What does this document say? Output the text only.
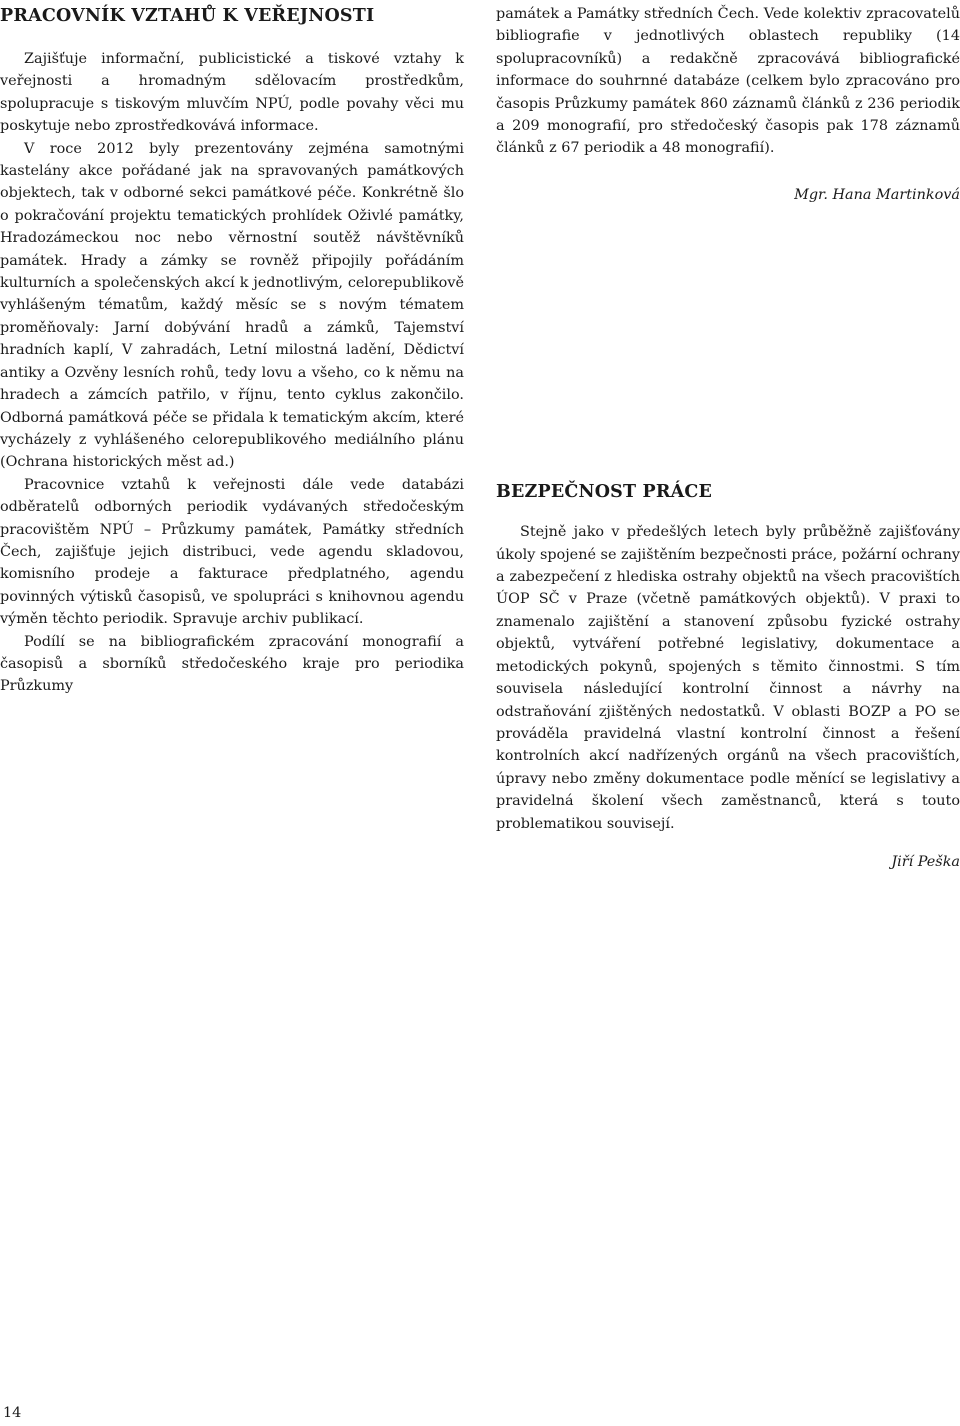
PRACOVNÍK VZTAHŮ K VEŘEJNOSTI

Zajišťuje informační, publicistické a tiskové vztahy k veřejnosti a hromadným sdělovacím prostředkům, spolupracuje s tiskovým mluvčím NPÚ, podle povahy věci mu poskytuje nebo zprostředkovává informace.

V roce 2012 byly prezentovány zejména samotnými kastelány akce pořádané jak na spravovaných památkových objektech, tak v odborné sekci památkové péče. Konkrétně šlo o pokračování projektu tematických prohlídek Oživlé památky, Hradozámeckou noc nebo věrnostní soutěž návštěvníků památek. Hrady a zámky se rovněž připojily pořádáním kulturních a společenských akcí k jednotlivým, celorepublikově vyhlášeným tématům, každý měsíc se s novým tématem proměňovaly: Jarní dobývání hradů a zámků, Tajemství hradních kaplí, V zahradách, Letní milostná ladění, Dědictví antiky a Ozvěny lesních rohů, tedy lovu a všeho, co k němu na hradech a zámcích patřilo, v říjnu, tento cyklus zakončilo. Odborná památková péče se přidala k tematickým akcím, které vycházely z vyhlášeného celorepublikového mediálního plánu (Ochrana historických měst ad.)

Pracovnice vztahů k veřejnosti dále vede databázi odběratelů odborných periodik vydávaných středočeským pracovištěm NPÚ – Průzkumy památek, Památky středních Čech, zajišťuje jejich distribuci, vede agendu skladovou, komisního prodeje a fakturace předplatného, agendu povinných výtisků časopisů, ve spolupráci s knihovnou agendu výměn těchto periodik. Spravuje archiv publikací.

Podílí se na bibliografickém zpracování monografií a časopisů a sborníků středočeského kraje pro periodika Průzkumy

památek a Památky středních Čech. Vede kolektiv zpracovatelů bibliografie v jednotlivých oblastech republiky (14 spolupracovníků) a redakčně zpracovává bibliografické informace do souhrnné databáze (celkem bylo zpracováno pro časopis Průzkumy památek 860 záznamů článků z 236 periodik a 209 monografií, pro středočeský časopis pak 178 záznamů článků z 67 periodik a 48 monografií).

Mgr. Hana Martinková

BEZPEČNOST PRÁCE

Stejně jako v předešlých letech byly průběžně zajišťovány úkoly spojené se zajištěním bezpečnosti práce, požární ochrany a zabezpečení z hlediska ostrahy objektů na všech pracovištích ÚOP SČ v Praze (včetně památkových objektů). V praxi to znamenalo zajištění a stanovení způsobu fyzické ostrahy objektů, vytváření potřebné legislativy, dokumentace a metodických pokynů, spojených s těmito činnostmi. S tím souvisela následující kontrolní činnost a návrhy na odstraňování zjištěných nedostatků. V oblasti BOZP a PO se prováděla pravidelná vlastní kontrolní činnost a řešení kontrolních akcí nadřízených orgánů na všech pracovištích, úpravy nebo změny dokumentace podle měnící se legislativy a pravidelná školení všech zaměstnanců, která s touto problematikou souvisejí.

Jiří Peška

14
